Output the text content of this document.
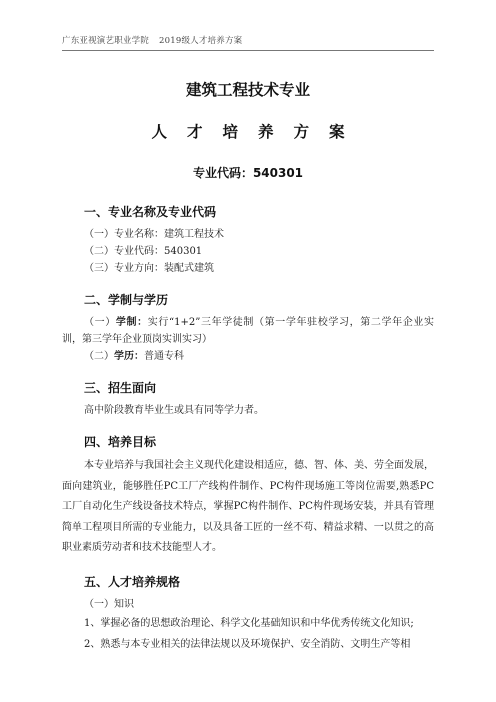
广东亚视演艺职业学院 2019级人才培养方案
建筑工程技术专业
人才培养方案
专业代码：540301
一、专业名称及专业代码
（一）专业名称：建筑工程技术
（二）专业代码：540301
（三）专业方向：装配式建筑
二、学制与学历
（一）学制：实行“1+2”三年学徒制（第一学年驻校学习，第二学年企业实训，第三学年企业顶岗实训实习）
（二）学历：普通专科
三、招生面向
高中阶段教育毕业生或具有同等学力者。
四、培养目标
本专业培养与我国社会主义现代化建设相适应，德、智、体、美、劳全面发展，面向建筑业，能够胜任PC工厂产线构件制作、PC构件现场施工等岗位需要,熟悉PC工厂自动化生产线设备技术特点，掌握PC构件制作、PC构件现场安装，并具有管理简单工程项目所需的专业能力，以及具备工匠的一丝不苟、精益求精、一以贯之的高职业素质劳动者和技术技能型人才。
五、人才培养规格
（一）知识
1、掌握必备的思想政治理论、科学文化基础知识和中华优秀传统文化知识;
2、熟悉与本专业相关的法律法规以及环境保护、安全消防、文明生产等相
